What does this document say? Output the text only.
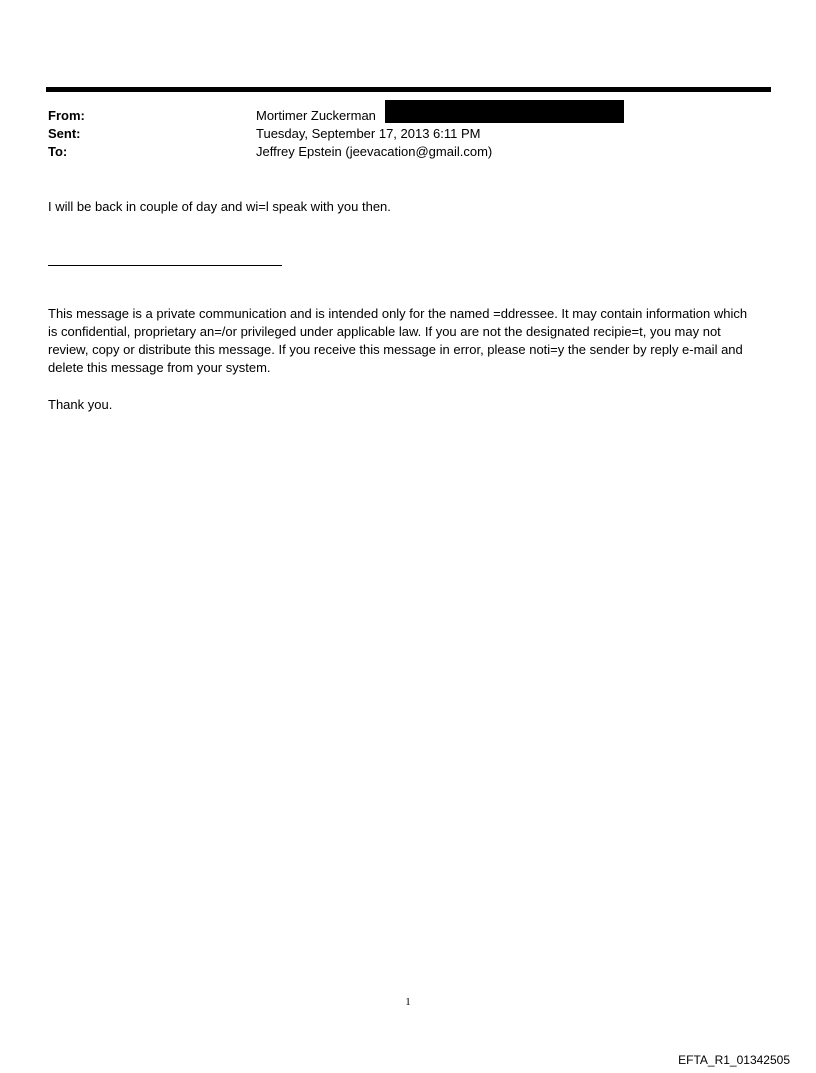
From:	Mortimer Zuckerman
Sent:	Tuesday, September 17, 2013 6:11 PM
To:	Jeffrey Epstein (jeevacation@gmail.com)
I will be back in couple of day and wi=l speak with you then.
This message is a private communication and is intended only for the named =ddressee. It may contain information which is confidential, proprietary an=/or privileged under applicable law. If you are not the designated recipie=t, you may not review, copy or distribute this message. If you receive this message in error, please noti=y the sender by reply e-mail and delete this message from your system.
Thank you.
1
EFTA_R1_01342505
